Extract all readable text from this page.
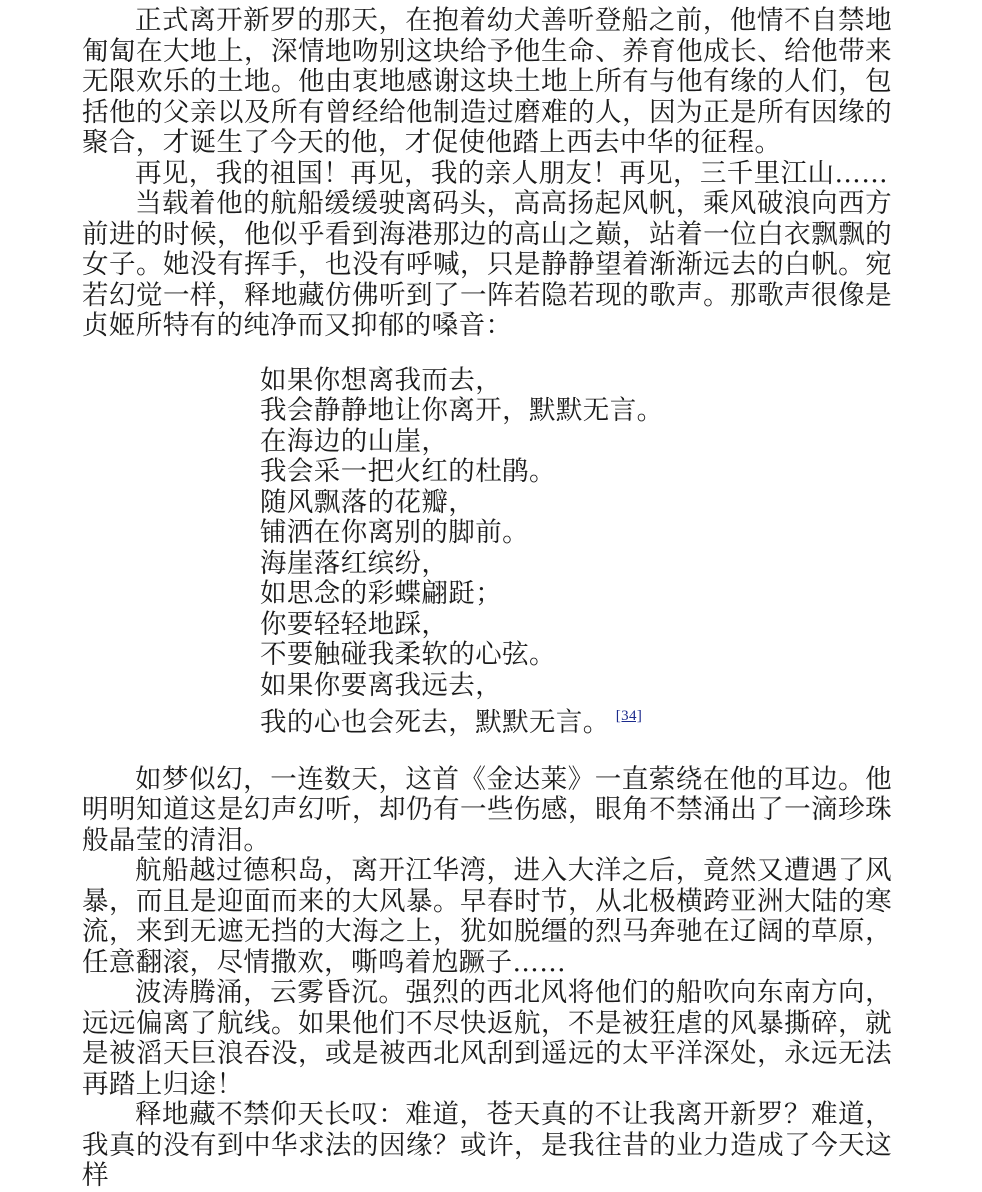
正式离开新罗的那天，在抱着幼犬善听登船之前，他情不自禁地匍匐在大地上，深情地吻别这块给予他生命、养育他成长、给他带来无限欢乐的土地。他由衷地感谢这块土地上所有与他有缘的人们，包括他的父亲以及所有曾经给他制造过磨难的人，因为正是所有因缘的聚合，才诞生了今天的他，才促使他踏上西去中华的征程。

再见，我的祖国！再见，我的亲人朋友！再见，三千里江山……

当载着他的航船缓缓驶离码头，高高扬起风帆，乘风破浪向西方前进的时候，他似乎看到海港那边的高山之巅，站着一位白衣飘飘的女子。她没有挥手，也没有呼喊，只是静静望着渐渐远去的白帆。宛若幻觉一样，释地藏仿佛听到了一阵若隐若现的歌声。那歌声很像是贞姬所特有的纯净而又抑郁的嗓音：

如果你想离我而去，
我会静静地让你离开，默默无言。
在海边的山崖，
我会采一把火红的杜鹃。
随风飘落的花瓣，
铺洒在你离别的脚前。
海崖落红缤纷，
如思念的彩蝶翩跹；
你要轻轻地踩，
不要触碰我柔软的心弦。
如果你要离我远去，
我的心也会死去，默默无言。 [34]

如梦似幻，一连数天，这首《金达莱》一直萦绕在他的耳边。他明明知道这是幻声幻听，却仍有一些伤感，眼角不禁涌出了一滴珍珠般晶莹的清泪。

航船越过德积岛，离开江华湾，进入大洋之后，竟然又遭遇了风暴，而且是迎面而来的大风暴。早春时节，从北极横跨亚洲大陆的寒流，来到无遮无挡的大海之上，犹如脱缰的烈马奔驰在辽阔的草原，任意翻滚，尽情撒欢，嘶鸣着尥蹶子……

波涛腾涌，云雾昏沉。强烈的西北风将他们的船吹向东南方向，远远偏离了航线。如果他们不尽快返航，不是被狂虐的风暴撕碎，就是被滔天巨浪吞没，或是被西北风刮到遥远的太平洋深处，永远无法再踏上归途！

释地藏不禁仰天长叹：难道，苍天真的不让我离开新罗？难道，我真的没有到中华求法的因缘？或许，是我往昔的业力造成了今天这样
